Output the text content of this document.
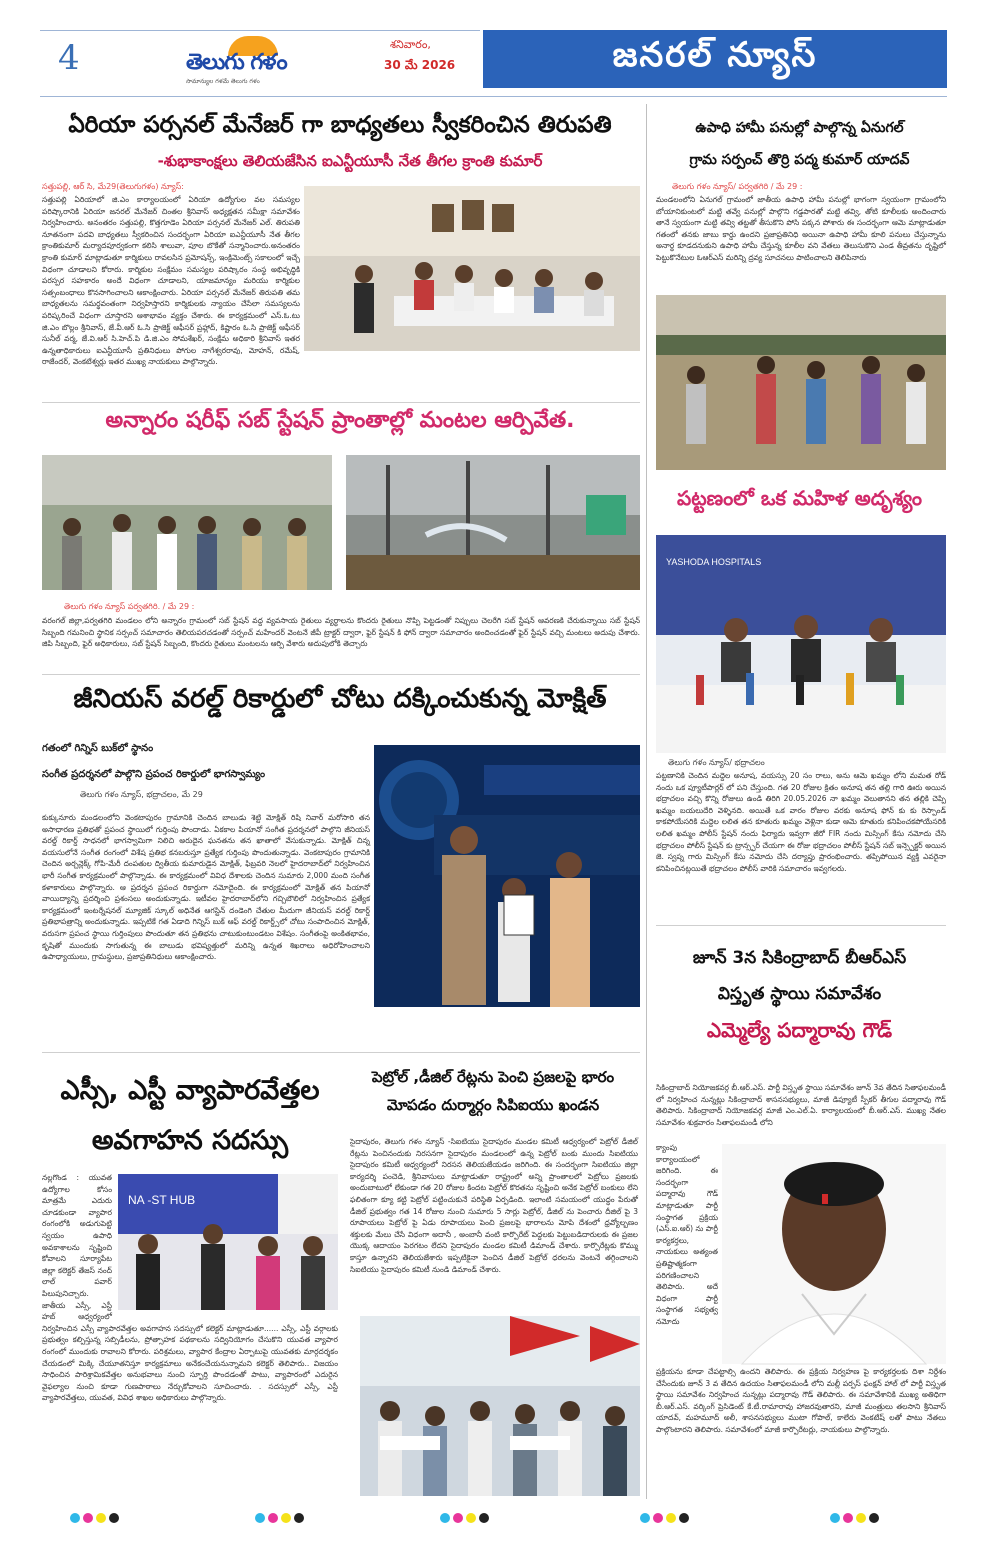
4	తెలుగు గళం
సామాన్యుల గళమే తెలుగు గళం
శనివారం,
30 మే 2026	జనరల్ న్యూస్
ఏరియా పర్సనల్ మేనేజర్ గా బాధ్యతలు స్వీకరించిన తిరుపతి
-శుభాకాంక్షలు తెలియజేసిన ఐఎన్టీయూసీ నేత తీగల క్రాంతి కుమార్
సత్తుపల్లి, ఆర్ సి, మే29(తెలుగుగళం) న్యూస్:
సత్తుపల్లి ఏరియాలో జి.ఎం కార్యాలయంలో ఏరియా ఉద్యోగుల వల సమస్యల పరిష్కారానికి ఏరియా జనరల్ మేనేజర్ చింతల శ్రీనివాస్ అధ్యక్షతన సమీక్షా సమావేశం నిర్వహించారు. అనంతరం సత్తుపల్లి, కొత్తగూడెం ఏరియా పర్సనల్ మేనేజర్ ఎల్. తిరుపతి నూతనంగా పదవి బాధ్యతలు స్వీకరించిన సందర్భంగా ఏరియా ఐఎన్టీయూసీ నేత తీగల క్రాంతికుమార్ మర్యాదపూర్వకంగా కలిసి శాలువా, పూల బొకేతో సన్మానించారు.అనంతరం క్రాంతి కుమార్ మాట్లాడుతూ కార్మికులు రావలసిన ప్రమోషన్స్, ఇంక్రిమెంట్స్ సకాలంలో ఇచ్చే విధంగా చూడాలని కోరారు. కార్మికుల సంక్షేమం సమస్యల పరిష్కారం సంస్థ అభివృద్ధికి పరస్పర సహకారం అందే విధంగా చూడాలని, యాజమాన్యం మరియు కార్మికుల సత్సంబంధాలు కొనసాగించాలని ఆకాంక్షించారు. ఏరియా పర్సనల్ మేనేజర్ తిరుపతి తమ బాధ్యతలను సమర్థవంతంగా నిర్వహిస్తారని కార్మికులకు న్యాయం చేసేలా సమస్యలను పరిష్కరించే విధంగా చూస్తారని ఆశాభావం వ్యక్తం చేశారు. ఈ కార్యక్రమంలో ఎస్.ఓ.టు జి.ఎం బొల్లం శ్రీనివాస్, జే.వీ.ఆర్ ఓ.సి ప్రాజెక్ట్ ఆఫీసర్ ప్రహ్లాద్, కిష్టారం ఓ.సి ప్రాజెక్ట్ ఆఫీసర్ సునీల్ వర్మ, జే.వి.ఆర్ సి.హెచ్.పి డి.జి.ఎం సోమశేఖర్, సంక్షేమ అధికారి శ్రీనివాస్ ఇతర ఉన్నతాధికారులు ఐఎన్టీయూసీ ప్రతినిధులు పోగుల నాగేశ్వరరావు, మోహన్, రమేష్, రాజేందర్, వెంకటేశ్వర్లు ఇతర ముఖ్య నాయకులు పాల్గొన్నారు.
అన్నారం షరీఫ్ సబ్ స్టేషన్ ప్రాంతాల్లో మంటల ఆర్పివేత.
తెలుగు గళం న్యూస్ పర్వతగిరి. / మే 29 :
వరంగల్ జిల్లా,పర్వతగిరి మండలం లోని అన్నారం గ్రామంలో సబ్ స్టేషన్ వద్ద వ్యవసాయ రైతులు వ్యర్థాలను కొందరు రైతులు నొప్పి పెట్టడంతో నిప్పులు చెలరేగి సబ్ స్టేషన్ ఆవరణకి చేరుకున్నాయి సబ్ స్టేషన్ సిబ్బంది గమనించి స్థానిక సర్పంచ్ సమాచారం తెలియపరచడంతో సర్పంచ్ మహేందర్ వెంటనే జీపీ ట్రాక్టర్ ద్వారా, ఫైర్ స్టేషన్ కి ఫోన్ ద్వారా సమాచారం అందించడంతో ఫైర్ స్టేషన్ వచ్చి మంటలు అదుపు చేశారు. జిపి సిబ్బంది, ఫైర్ అధికారులు, సబ్ స్టేషన్ సిబ్బంది, కొందరు రైతులు మంటలను ఆర్పి వేశారు అదుపులోకి తెచ్చారు
జీనియస్ వరల్డ్ రికార్డులో చోటు దక్కించుకున్న మోక్షిత్
గతంలో గిన్నిస్ బుక్‌లో స్థానం
సంగీత ప్రదర్శనలో పాల్గొని ప్రపంచ రికార్డులో భాగస్వామ్యం
తెలుగు గళం న్యూస్, భద్రాచలం, మే 29
కుక్కునూరు మండలంలోని వెంకటాపురం గ్రామానికి చెందిన బాలుడు శెట్టి మోక్షిత్ రిషి నివార్ మరోసారి తన అసాధారణ ప్రతిభతో ప్రపంచ స్థాయిలో గుర్తింపు పొందాడు. ఏకకాల పియానో సంగీత ప్రదర్శనలో పాల్గొని జీనియస్ వరల్డ్ రికార్డ్ సాధనలో భాగస్వామిగా నిలిచి అరుదైన ఘనతను తన ఖాతాలో వేసుకున్నాడు. మోక్షిత్ చిన్న వయసులోనే సంగీత రంగంలో విశేష ప్రతిభ కనబరుస్తూ ప్రత్యేక గుర్తింపు పొందుతున్నాడు. వెంకటాపురం గ్రామానికి చెందిన అర్చన్లెక్క్ గోపి-మేరీ దంపతుల ద్వితీయ కుమారుడైన మోక్షిత్, ఫిబ్రవరి నెలలో హైదరాబాద్‌లో నిర్వహించిన భారీ సంగీత కార్యక్రమంలో పాల్గొన్నాడు. ఈ కార్యక్రమంలో వివిధ దేశాలకు చెందిన సుమారు 2,000 మంది సంగీత కళాకారులు పాల్గొన్నారు. ఆ ప్రదర్శన ప్రపంచ రికార్డుగా నమోదైంది. ఈ కార్యక్రమంలో మోక్షిత్ తన పియానో వాయిద్యాన్ని ప్రదర్శించి ప్రశంసలు అందుకున్నాడు. ఇటీవల హైదరాబాద్‌లోని గచ్చిబౌలిలో నిర్వహించిన ప్రత్యేక కార్యక్రమంలో ఇంటర్నేషనల్ మ్యూజిక్ స్కూల్ అధినేత ఆగస్టిన్ దండెంగి చేతుల మీదుగా జీనియస్ వరల్డ్ రికార్డ్ ప్రతిభాపత్రాన్ని అందుకున్నాడు. ఇప్పటికే గత ఏడాది గిన్నిస్ బుక్ ఆఫ్ వరల్డ్ రికార్డ్స్‌లో చోటు సంపాదించిన మోక్షిత్, వరుసగా ప్రపంచ స్థాయి గుర్తింపులు పొందుతూ తన ప్రతిభను చాటుకుంటుండటం విశేషం. సంగీతంపై అంకితభావం, కృషితో ముందుకు సాగుతున్న ఈ బాలుడు భవిష్యత్తులో మరిన్ని ఉన్నత శిఖరాలు అధిరోహించాలని ఉపాధ్యాయులు, గ్రామస్థులు, ప్రజాప్రతినిధులు ఆకాంక్షించారు.
ఎస్సీ, ఎస్టీ వ్యాపారవేత్తల
అవగాహన సదస్సు
NA -ST HUB
నల్లగొండ : యువత ఉద్యోగాల కోసం మాత్రమే ఎదురు చూడకుండా వ్యాపార రంగంలోకి అడుగుపెట్టి స్వయం ఉపాధి అవకాశాలను సృష్టించి కోవాలని సూర్యాపేట జిల్లా కలెక్టర్ తేజస్ నంద్ లాల్ పవార్ పిలుపునిచ్చారు. జాతీయ ఎస్సీ, ఎస్టీ హబ్ ఆధ్వర్యంలో నిర్వహించిన ఎస్సీ వ్యాపారవేత్తల అవగాహన సదస్సులో కలెక్టర్ మాట్లాడుతూ...... ఎస్సీ, ఎస్టీ వర్గాలకు ప్రభుత్వం కల్పిస్తున్న సబ్సిడీలను, ప్రోత్సాహక పథకాలను సద్వినియోగం చేసుకొని యువత వ్యాపార రంగంలో ముందుకు రావాలని కోరారు. పరిశ్రమలు, వ్యాపార కేంద్రాల ఏర్పాటుపై యువతకు మార్గదర్శకం చేయడంలో మిక్కి చేయూతనిస్తూ కార్యక్రమాలు అనేకంచేయనున్నామని కలెక్టర్ తెలిపారు.. విజయం సాధించిన పారిశ్రామికవేత్తల అనుభవాలు నుంచి స్ఫూర్తి పొందడంతో పాటు, వ్యాపారంలో ఎదురైన వైఫల్యాల నుంచి కూడా గుణపాఠాలు నేర్చుకోవాలని సూచించారు. . సదస్సులో ఎస్సీ, ఎస్టీ వ్యాపారవేత్తలు, యువత, వివిధ శాఖల అధికారులు పాల్గొన్నారు.
పెట్రోల్ ,డీజిల్ రేట్లను పెంచి ప్రజలపై భారం
మోపడం దుర్మార్గం సిపిఐయు ఖండన
సైదాపురం, తెలుగు గళం న్యూస్ -సిఐటియు సైదాపురం మండల కమిటీ ఆధ్వర్యంలో పెట్రోల్ డీజిల్ రేట్లను పెంచినందుకు నిరసనగా సైదాపురం మండలంలో ఉన్న పెట్రోల్ బంకు ముందు సిఐటియు సైదాపురం కమిటీ ఆధ్వర్యంలో నిరసన తెలియజేయడం జరిగింది. ఈ సందర్భంగా సిఐటియు జిల్లా కార్యదర్శి పంచెడి, శ్రీనివాసులు మాట్లాడుతూ రాష్ట్రంలో అన్ని ప్రాంతాలలో పెట్రోలు ప్రజలకు అందుబాటులో లేకుండా గత 20 రోజుల కిందట పెట్రోల్ కొరతను సృష్టించి అనేక పెట్రోల్ బంకులు లేని ఫలితంగా క్యూ కట్టి పెట్రోల్ పట్టించుకునే పరిస్థితి ఏర్పడింది. ఇలాంటి సమయంలో యుద్ధం పేరుతో డీజిల్ ప్రభుత్వం గత 14 రోజుల నుంచి సుమారు 5 సార్లు పెట్రోల్, డీజిల్ ను పెంచారు దీజిల్ పై 3 రూపాయలు పెట్రోల్ పై ఏడు రూపాయలు పెంచి ప్రజలపై భారాలను మోపి దేశంలో ధ్రవ్యోల్బణం శక్తులకు మేలు చేసే విధంగా అదానీ , అంబానీ వంటి కార్పొరేట్ పెద్దలకు పెట్టుబడిదారులకు ఈ ప్రజల యొక్క ఆదాయం పెరగటం లేదని సైదాపురం మండల కమిటీ డిమాండ్ చేశారు. కార్పొరేట్లకు కొమ్ము కాస్తూ ఉన్నారని తెలియజేశారు ఇప్పటికైనా పెంచిన డీజిల్ పెట్రోల్ ధరలను వెంటనే తగ్గించాలని సిఐటియు సైదాపురం కమిటీ నుండి డిమాండ్ చేశారు.
ఉపాధి హామీ పనుల్లో పాల్గొన్న ఏనుగల్
గ్రామ సర్పంచ్ తొర్రి పద్మ కుమార్ యాదవ్
తెలుగు గళం న్యూస్/ పర్వతగిరి / మే 29 :
మండలంలోని ఏనుగల్ గ్రామంలో జాతీయ ఉపాధి హామీ పనుల్లో భాగంగా స్వయంగా గ్రామంలోని బోయానికుంటలో మట్టి తవ్వే పనుల్లో పాల్గొని గడ్డపారతో మట్టి తవ్వి, తోటి కూలీలకు అందించారు తానే స్వయంగా మట్టి తవ్వి తట్టతో తీసుకొని పోసి పక్కన పోశారు ఈ సందర్భంగా ఆమె మాట్లాడుతూ గతంలో తనకు జాబు కార్డు ఉందని ప్రజాప్రతినిధి అయినా ఉపాధి హామీ కూలి పనులు చేస్తున్నాను అనార్థ కూడదనుకుని ఉపాధి హామీ చేస్తున్న కూలీల వని వేతలు తెలుసుకొని ఎండ తీవ్రతను దృష్టిలో పెట్టుకొనేటుల ఓఆర్ఎస్ మరిన్ని ద్రవ్య సూచనలు పాటించాలని తెలిపినారు
పట్టణంలో ఒక మహిళ అదృశ్యం
YASHODA HOSPITALS
తెలుగు గళం న్యూస్/ భద్రాచలం
పట్టణానికి చెందిన మద్దెల అనూష, వయస్సు 20 సం రాలు, అను ఆమె ఖమ్మం లోని మమత రోడ్ నందు ఒక ప్యూటీపార్లర్ లో పని చేస్తుంది. గత 20 రోజుల క్రితం అనూష తన తల్లి గారి ఊరు అయిన భద్రాచలం వచ్చి కొన్ని రోజులు ఉండి తిరిగి 20.05.2026 నా ఖమ్మం వెలుతానని తన తల్లికి చెప్పి ఖమ్మం బయలుదేరి వెళ్ళినది. అయితే ఒక వారం రోజుల వరకు అనూష ఫోన్ కు కు రెస్పాండ్ కాకపోయేసరికి మద్దెల లలిత తన కూతురు ఖమ్మం వెళ్లినా కుడా ఆమె కూతురు కనిపించకపోయేసరికి లలిత ఖమ్మం పోలీస్ స్టేషన్ నందు ఫిర్యాదు ఇవ్వగా జీరో FIR నందు మిస్సింగ్ కేసు నమోదు చేసి భద్రాచలం పోలీస్ స్టేషన్ కు ట్రాన్స్ఫర్ చేయగా ఈ రోజు భద్రాచలం పోలీస్ స్టేషన్ సబ్ ఇన్స్పెక్టర్ అయిన జె. స్వప్న గారు మిస్సింగ్ కేసు నమోదు చేసి దర్యాప్తు ప్రారంభించారు. తప్పిపోయిన వ్యక్తి ఎవరైనా కనిపించినట్లయితే భద్రాచలం పోలీస్ వారికి సమాచారం ఇవ్వగలరు.
జూన్ 3న సికింద్రాబాద్ బీఆర్ఎస్
విస్తృత స్థాయి సమావేశం
ఎమ్మెల్యే పద్మారావు గౌడ్
సికింద్రాబాద్ నియోజకవర్గ బీ.ఆర్.ఎస్. పార్టీ విస్తృత స్థాయి సమావేశం జూన్ 3వ తేదిన సితాఫలమండీ లో నిర్వహించ నున్నట్లు సికింద్రాబాద్ శాసనసభ్యులు, మాజీ డిప్యూటీ స్పీకర్ తీగుల పద్మారావు గౌడ్ తెలిపారు. సికింద్రాబాద్ నియోజకవర్గ మాజీ ఎం.ఎల్.ఏ. కార్యాలయంలో బీ.ఆర్.ఎస్. ముఖ్య నేతల సమావేశం శుక్రవారం సితాఫలమండీ లోని
క్యాంపు కార్యాలయంలో జరిగింది. ఈ సందర్భంగా పద్మారావు గౌడ్ మాట్లాడుతూ పార్టీ సంస్థాగత ప్రక్రియ (ఎస్.ఐ.ఆర్) ను పార్టీ కార్యకర్తలు, నాయకులు అత్యంత ప్రతిష్టాత్మకంగా పరిగణించాలని తెలిపారు. అదే విధంగా పార్టీ సంస్థాగత సభ్యత్వ నమోదు
ప్రక్రియను కూడా చేపట్టాల్సి ఉందని తెలిపారు. ఈ ప్రక్రియ నిర్వహణ పై కార్యకర్తలకు దిశా నిర్దేశం చేసేందుకు జూన్ 3 వ తేదిన ఉదయం సితాఫలమండీ లోని మల్లీ పర్పస్ ఫంక్షన్ హాల్ లో పార్టీ విస్తృత స్థాయి సమావేశం నిర్వహించ నున్నట్లు పద్మారావు గౌడ్ తెలిపారు. ఈ సమావేశానికి ముఖ్య అతిధిగా బీ.ఆర్.ఎస్. వర్కింగ్ ప్రెసిడెంట్ కే.టీ.రామారావు హాజరవుతారని, మాజీ మంత్రులు తలసాని శ్రీనివాస్ యాదవ్, మహమూద్ అలీ, శాసనసభ్యులు ముటా గోపాల్, కాలేరు వెంకటేష్ లతో పాటు నేతలు పాల్గొంటారని తెలిపారు. సమావేశంలో మాజీ కార్పొరేటర్లు, నాయకులు పాల్గొన్నారు.
